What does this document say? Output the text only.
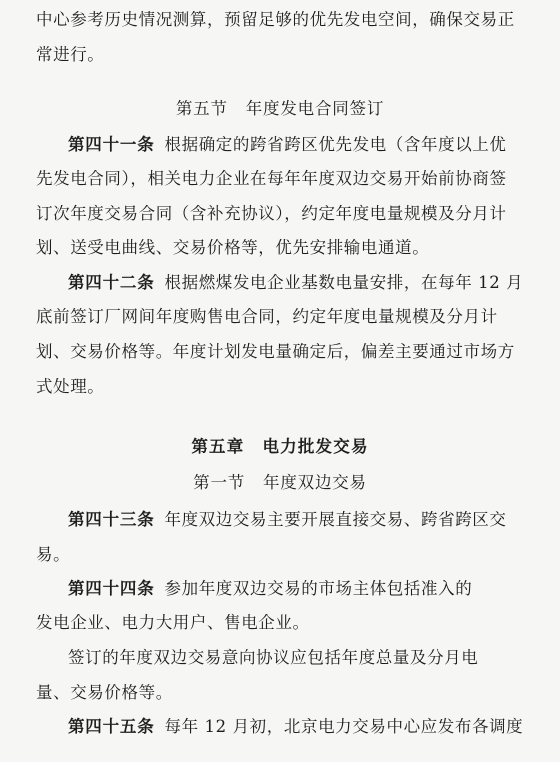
中心参考历史情况测算，预留足够的优先发电空间，确保交易正
常进行。
第五节 年度发电合同签订
第四十一条 根据确定的跨省跨区优先发电（含年度以上优
先发电合同），相关电力企业在每年年度双边交易开始前协商签
订次年度交易合同（含补充协议），约定年度电量规模及分月计
划、送受电曲线、交易价格等，优先安排输电通道。
第四十二条 根据燃煤发电企业基数电量安排，在每年 12 月
底前签订厂网间年度购售电合同，约定年度电量规模及分月计
划、交易价格等。年度计划发电量确定后，偏差主要通过市场方
式处理。
第五章 电力批发交易
第一节 年度双边交易
第四十三条 年度双边交易主要开展直接交易、跨省跨区交
易。
第四十四条 参加年度双边交易的市场主体包括准入的
发电企业、电力大用户、售电企业。
签订的年度双边交易意向协议应包括年度总量及分月电
量、交易价格等。
第四十五条 每年 12 月初，北京电力交易中心应发布各调度
